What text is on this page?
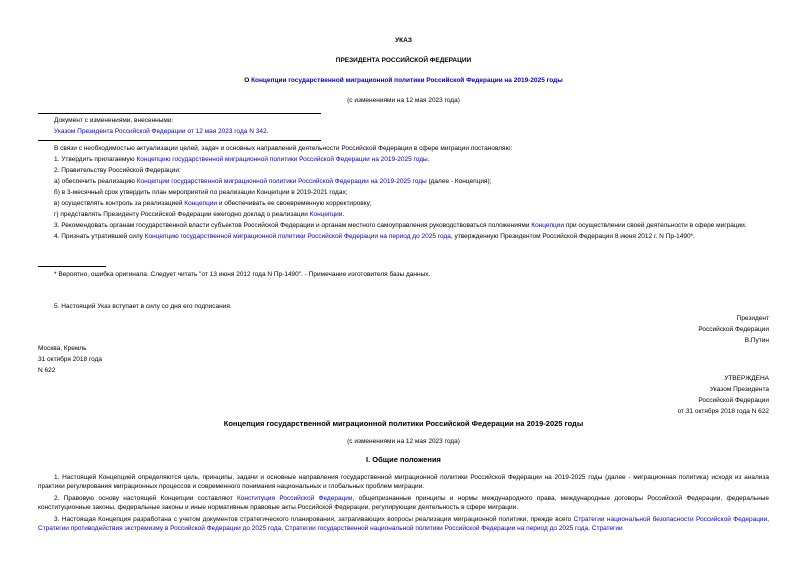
УКАЗ
ПРЕЗИДЕНТА РОССИЙСКОЙ ФЕДЕРАЦИИ
О Концепции государственной миграционной политики Российской Федерации на 2019-2025 годы
(с изменениями на 12 мая 2023 года)
Документ с изменениями, внесенными:
Указом Президента Российской Федерации от 12 мая 2023 года N 342.

В связи с необходимостью актуализации целей, задач и основных направлений деятельности Российской Федерации в сфере миграции постановляю:

1. Утвердить прилагаемую Концепцию государственной миграционной политики Российской Федерации на 2019-2025 годы.

2. Правительству Российской Федерации:

а) обеспечить реализацию Концепции государственной миграционной политики Российской Федерации на 2019-2025 годы (далее - Концепция);

б) в 3-месячный срок утвердить план мероприятий по реализации Концепции в 2019-2021 годах;

в) осуществлять контроль за реализацией Концепции и обеспечивать ее своевременную корректировку;

г) представлять Президенту Российской Федерации ежегодно доклад о реализации Концепции.

3. Рекомендовать органам государственной власти субъектов Российской Федерации и органам местного самоуправления руководствоваться положениями Концепции при осуществлении своей деятельности в сфере миграции.

4. Признать утратившей силу Концепцию государственной миграционной политики Российской Федерации на период до 2025 года, утвержденную Президентом Российской Федерации 8 июня 2012 г. N Пр-1490*.

* Вероятно, ошибка оригинала. Следует читать "от 13 июня 2012 года N Пр-1490". - Примечание изготовителя базы данных.

5. Настоящий Указ вступает в силу со дня его подписания.

Президент

Российской Федерации

В.Путин

Москва, Кремль

31 октября 2018 года

N 622

УТВЕРЖДЕНА

Указом Президента

Российской Федерации

от 31 октября 2018 года N 622

Концепция государственной миграционной политики Российской Федерации на 2019-2025 годы
(с изменениями на 12 мая 2023 года)
I. Общие положения

1. Настоящей Концепцией определяются цель, принципы, задачи и основные направления государственной миграционной политики Российской Федерации на 2019-2025 годы (далее - миграционная политика) исходя из анализа практики регулирования миграционных процессов и современного понимания национальных и глобальных проблем миграции.

2. Правовую основу настоящей Концепции составляют Конституция Российской Федерации, общепризнанные принципы и нормы международного права, международные договоры Российской Федерации, федеральные конституционные законы, федеральные законы и иные нормативные правовые акты Российской Федерации, регулирующие деятельность в сфере миграции.

3. Настоящая Концепция разработана с учетом документов стратегического планирования, затрагивающих вопросы реализации миграционной политики, прежде всего Стратегии национальной безопасности Российской Федерации, Стратегии противодействия экстремизму в Российской Федерации до 2025 года, Стратегии государственной национальной политики Российской Федерации на период до 2025 года, Стратегии
